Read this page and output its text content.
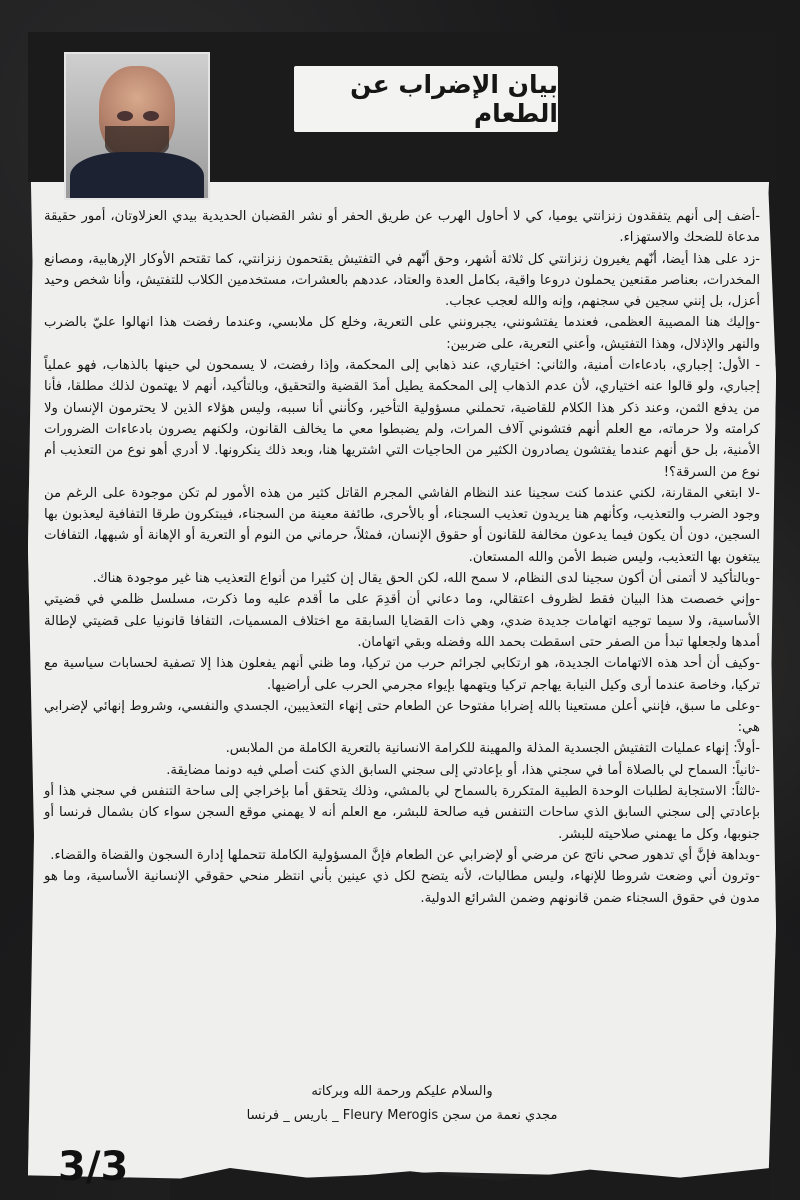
بيان الإضراب عن الطعام

-أضف إلى أنهم يتفقدون زنزانتي يوميا، كي لا أحاول الهرب عن طريق الحفر أو نشر القضبان الحديدية بيدي العزلاوتان، أمور حقيقة مدعاة للضحك والاستهزاء.

-زد على هذا أيضا، أنّهم يغيرون زنزانتي كل ثلاثة أشهر، وحق أنّهم في التفتيش يقتحمون زنزانتي، كما تقتحم الأوكار الإرهابية، ومصانع المخدرات، بعناصر مقنعين يحملون دروعا واقية، بكامل العدة والعتاد، عددهم بالعشرات، مستخدمين الكلاب للتفتيش، وأنا شخص وحيد أعزل، بل إنني سجين في سجنهم، وإنه والله لعجب عجاب.

-وإليك هنا المصيبة العظمى، فعندما يفتشونني، يجبرونني على التعرية، وخلع كل ملابسي، وعندما رفضت هذا انهالوا عليّ بالضرب والنهر والإذلال، وهذا التفتيش، وأعني التعرية، على ضربين:

- الأول: إجباري، بادعاءات أمنية، والثاني: اختياري، عند ذهابي إلى المحكمة، وإذا رفضت، لا يسمحون لي حينها بالذهاب، فهو عملياً إجباري، ولو قالوا عنه اختياري، لأن عدم الذهاب إلى المحكمة يطيل أمدَ القضية والتحقيق، وبالتأكيد، أنهم لا يهتمون لذلك مطلقا، فأنا من يدفع الثمن، وعند ذكر هذا الكلام للقاضية، تحملني مسؤولية التأخير، وكأنني أنا سببه، وليس هؤلاء الذين لا يحترمون الإنسان ولا كرامته ولا حرماته، مع العلم أنهم فتشوني آلاف المرات، ولم يضبطوا معي ما يخالف القانون، ولكنهم يصرون بادعاءات الضرورات الأمنية، بل حق أنهم عندما يفتشون يصادرون الكثير من الحاجيات التي اشتريها هنا، وبعد ذلك ينكرونها. لا أدري أهو نوع من التعذيب أم نوع من السرقة؟!

-لا ابتغي المقارنة، لكني عندما كنت سجينا عند النظام الفاشي المجرم القاتل كثير من هذه الأمور لم تكن موجودة على الرغم من وجود الضرب والتعذيب، وكأنهم هنا يريدون تعذيب السجناء، أو بالأحرى، طائفة معينة من السجناء، فيبتكرون طرقا التفافية ليعذبون بها السجين، دون أن يكون فيما يدعون مخالفة للقانون أو حقوق الإنسان، فمثلاً، حرماني من النوم أو التعرية أو الإهانة أو شبهها، التفافات يبتغون بها التعذيب، وليس ضبط الأمن والله المستعان.

-وبالتأكيد لا أتمنى أن أكون سجينا لدى النظام، لا سمح الله، لكن الحق يقال إن كثيرا من أنواع التعذيب هنا غير موجودة هناك.

-وإني خصصت هذا البيان فقط لظروف اعتقالي، وما دعاني أن أقدِمَ على ما أقدم عليه وما ذكرت، مسلسل ظلمي في قضيتي الأساسية، ولا سيما توجيه اتهامات جديدة ضدي، وهي ذات القضايا السابقة مع اختلاف المسميات، التفافا قانونيا على قضيتي لإطالة أمدها ولجعلها تبدأ من الصفر حتى اسقطت بحمد الله وفضله وبقي اتهامان.

-وكيف أن أحد هذه الاتهامات الجديدة، هو ارتكابي لجرائم حرب من تركيا، وما ظني أنهم يفعلون هذا إلا تصفية لحسابات سياسية مع تركيا، وخاصة عندما أرى وكيل النيابة يهاجم تركيا ويتهمها بإيواء مجرمي الحرب على أراضيها.

-وعلى ما سبق، فإنني أعلن مستعينا بالله إضرابا مفتوحا عن الطعام حتى إنهاء التعذيبين، الجسدي والنفسي، وشروط إنهائي لإضرابي هي:

-أولاً: إنهاء عمليات التفتيش الجسدية المذلة والمهينة للكرامة الانسانية بالتعرية الكاملة من الملابس.

-ثانياً: السماح لي بالصلاة أما في سجني هذا، أو بإعادتي إلى سجني السابق الذي كنت أصلي فيه دونما مضايقة.

-ثالثاً: الاستجابة لطلبات الوحدة الطبية المتكررة بالسماح لي بالمشي، وذلك يتحقق أما بإخراجي إلى ساحة التنفس في سجني هذا أو بإعادتي إلى سجني السابق الذي ساحات التنفس فيه صالحة للبشر، مع العلم أنه لا يهمني موقع السجن سواء كان بشمال فرنسا أو جنوبها، وكل ما يهمني صلاحيته للبشر.

-وبداهة فإنَّ أي تدهور صحي ناتج عن مرضي أو لإضرابي عن الطعام فإنَّ المسؤولية الكاملة تتحملها إدارة السجون والقضاة والقضاء.

-وترون أني وضعت شروطا للإنهاء، وليس مطالبات، لأنه يتضح لكل ذي عينين بأني انتظر منحي حقوقي الإنسانية الأساسية، وما هو مدون في حقوق السجناء ضمن قانونهم وضمن الشرائع الدولية.

والسلام عليكم ورحمة الله وبركاته
مجدي نعمة من سجن Fleury Merogis _ باريس _ فرنسا
3/3
